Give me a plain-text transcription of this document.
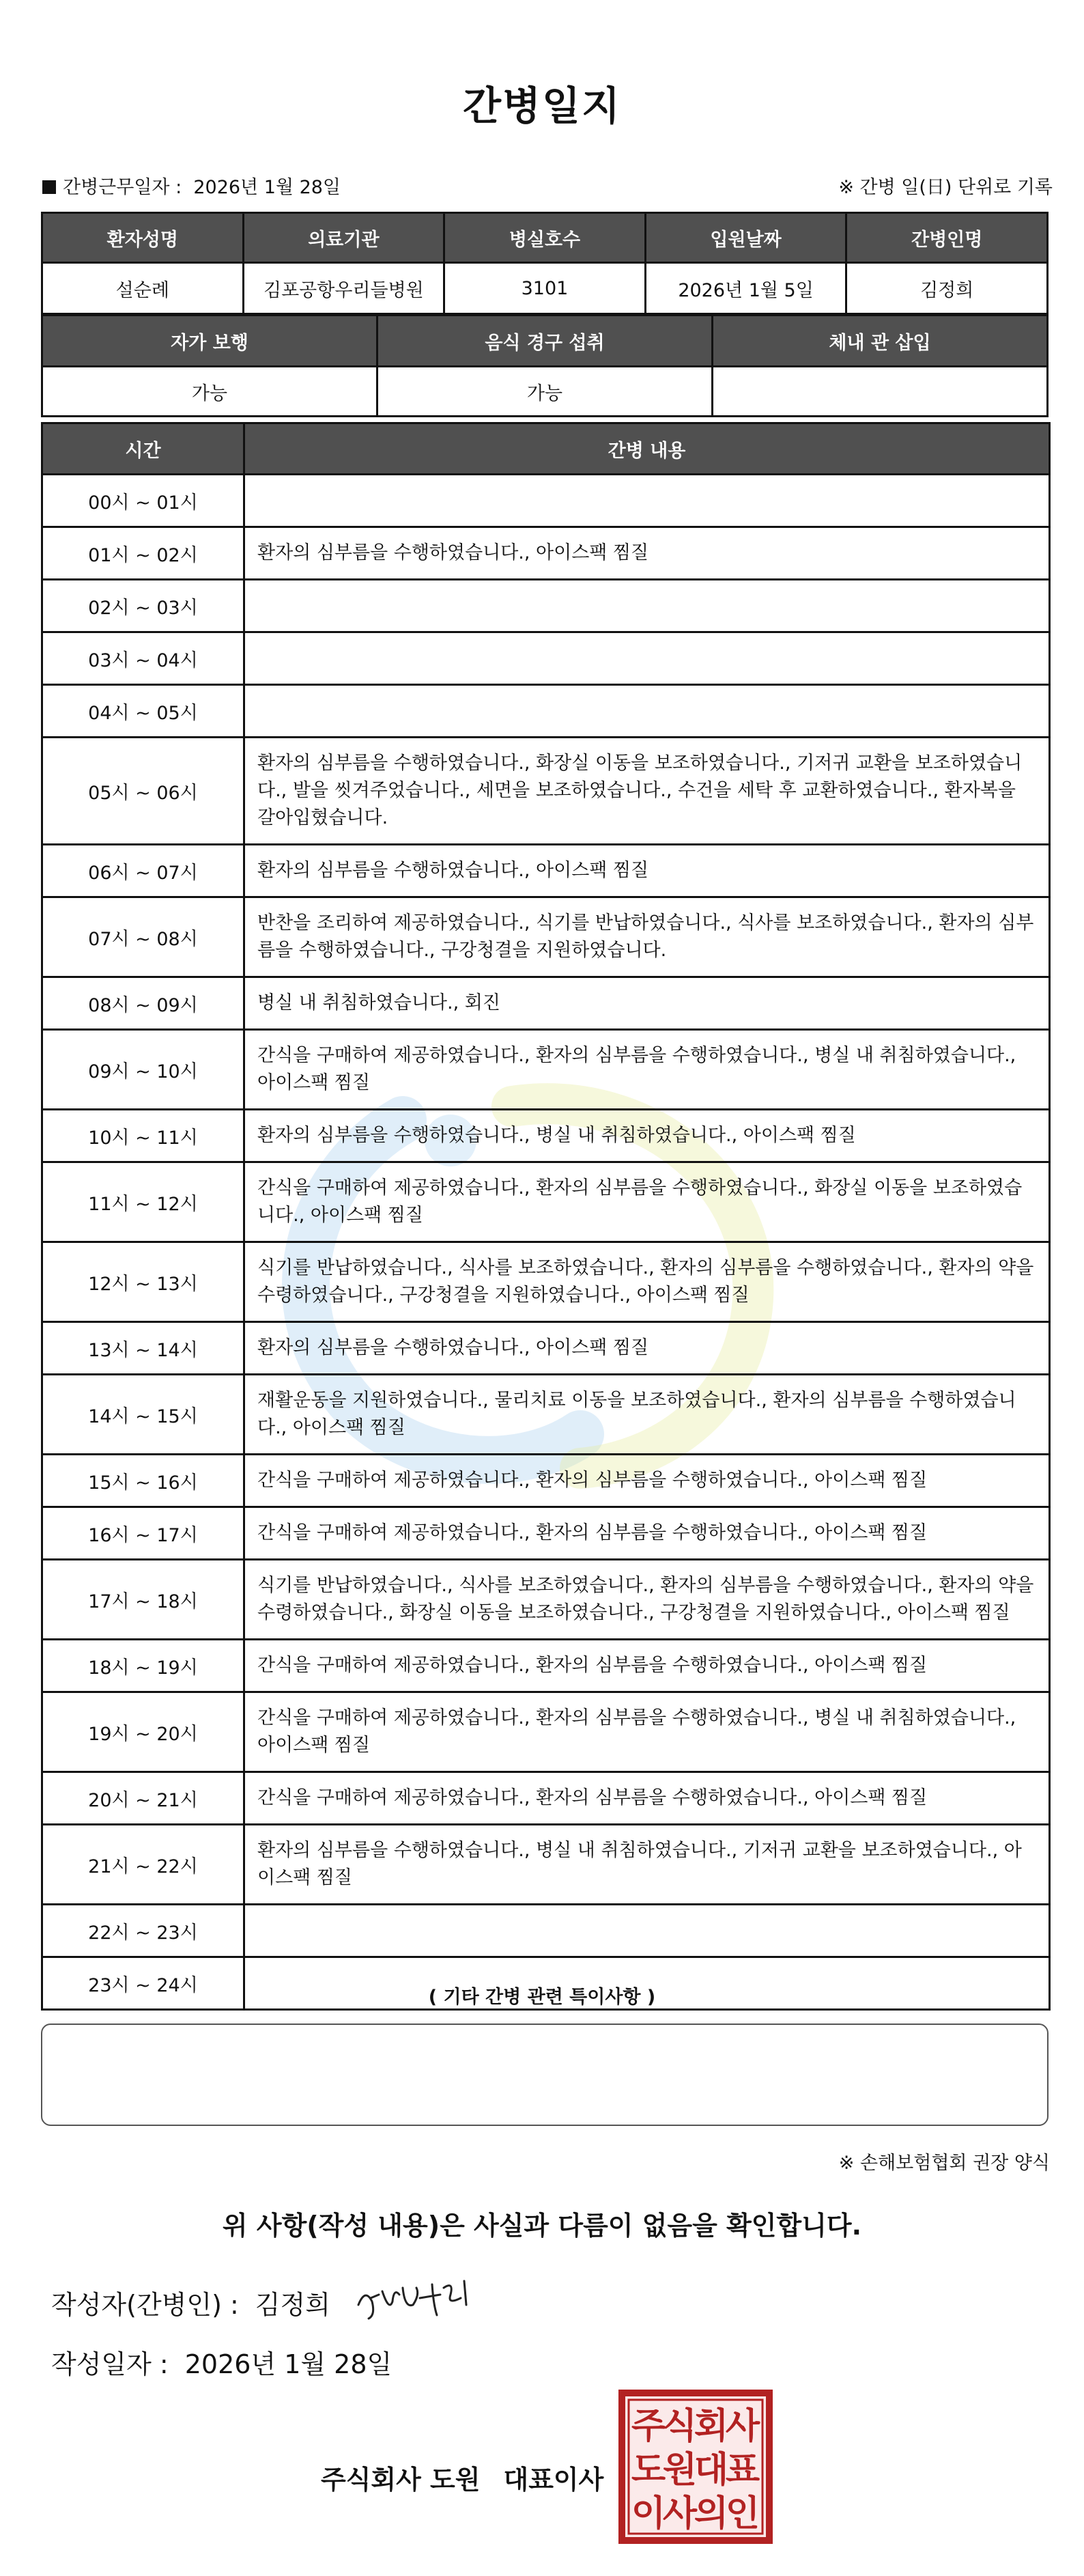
간병일지
간병근무일자 : 2026년 1월 28일	※ 간병 일(日) 단위로 기록
환자성명	의료기관	병실호수	입원날짜	간병인명
설순례	김포공항우리들병원	3101	2026년 1월 5일	김정희
자가 보행	음식 경구 섭취	체내 관 삽입
가능	가능	
시간	간병 내용
00시 ~ 01시	
01시 ~ 02시	환자의 심부름을 수행하였습니다., 아이스팩 찜질
02시 ~ 03시	
03시 ~ 04시	
04시 ~ 05시	
05시 ~ 06시	환자의 심부름을 수행하였습니다., 화장실 이동을 보조하였습니다., 기저귀 교환을 보조하였습니다., 발을 씻겨주었습니다., 세면을 보조하였습니다., 수건을 세탁 후 교환하였습니다., 환자복을 갈아입혔습니다.
06시 ~ 07시	환자의 심부름을 수행하였습니다., 아이스팩 찜질
07시 ~ 08시	반찬을 조리하여 제공하였습니다., 식기를 반납하였습니다., 식사를 보조하였습니다., 환자의 심부름을 수행하였습니다., 구강청결을 지원하였습니다.
08시 ~ 09시	병실 내 취침하였습니다., 회진
09시 ~ 10시	간식을 구매하여 제공하였습니다., 환자의 심부름을 수행하였습니다., 병실 내 취침하였습니다., 아이스팩 찜질
10시 ~ 11시	환자의 심부름을 수행하였습니다., 병실 내 취침하였습니다., 아이스팩 찜질
11시 ~ 12시	간식을 구매하여 제공하였습니다., 환자의 심부름을 수행하였습니다., 화장실 이동을 보조하였습니다., 아이스팩 찜질
12시 ~ 13시	식기를 반납하였습니다., 식사를 보조하였습니다., 환자의 심부름을 수행하였습니다., 환자의 약을 수령하였습니다., 구강청결을 지원하였습니다., 아이스팩 찜질
13시 ~ 14시	환자의 심부름을 수행하였습니다., 아이스팩 찜질
14시 ~ 15시	재활운동을 지원하였습니다., 물리치료 이동을 보조하였습니다., 환자의 심부름을 수행하였습니다., 아이스팩 찜질
15시 ~ 16시	간식을 구매하여 제공하였습니다., 환자의 심부름을 수행하였습니다., 아이스팩 찜질
16시 ~ 17시	간식을 구매하여 제공하였습니다., 환자의 심부름을 수행하였습니다., 아이스팩 찜질
17시 ~ 18시	식기를 반납하였습니다., 식사를 보조하였습니다., 환자의 심부름을 수행하였습니다., 환자의 약을 수령하였습니다., 화장실 이동을 보조하였습니다., 구강청결을 지원하였습니다., 아이스팩 찜질
18시 ~ 19시	간식을 구매하여 제공하였습니다., 환자의 심부름을 수행하였습니다., 아이스팩 찜질
19시 ~ 20시	간식을 구매하여 제공하였습니다., 환자의 심부름을 수행하였습니다., 병실 내 취침하였습니다., 아이스팩 찜질
20시 ~ 21시	간식을 구매하여 제공하였습니다., 환자의 심부름을 수행하였습니다., 아이스팩 찜질
21시 ~ 22시	환자의 심부름을 수행하였습니다., 병실 내 취침하였습니다., 기저귀 교환을 보조하였습니다., 아이스팩 찜질
22시 ~ 23시	
23시 ~ 24시	
( 기타 간병 관련 특이사항 )
※ 손해보험협회 권장 양식
위 사항(작성 내용)은 사실과 다름이 없음을 확인합니다.
작성자(간병인) : 김정희
작성일자 : 2026년 1월 28일
주식회사 도원 대표이사
주
식
회
사
도
원
대
표
이
사
의
인
